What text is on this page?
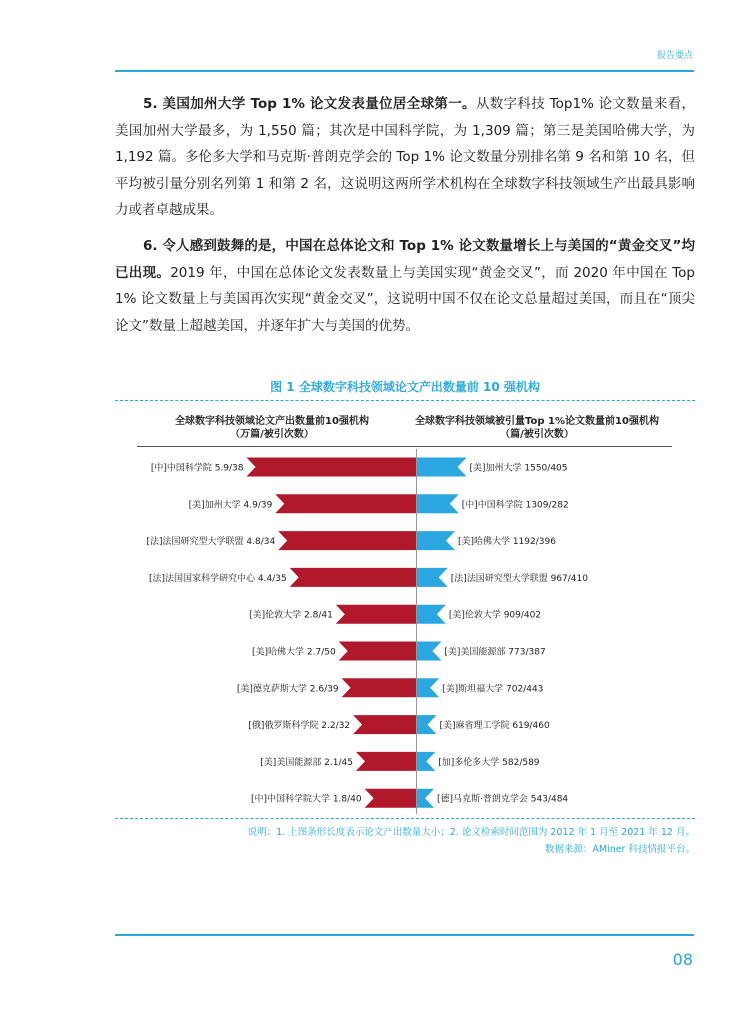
报告要点

5. 美国加州大学 Top 1% 论文发表量位居全球第一。从数字科技 Top1% 论文数量来看，美国加州大学最多，为 1,550 篇；其次是中国科学院，为 1,309 篇；第三是美国哈佛大学，为 1,192 篇。多伦多大学和马克斯·普朗克学会的 Top 1% 论文数量分别排名第 9 名和第 10 名，但平均被引量分别名列第 1 和第 2 名，这说明这两所学术机构在全球数字科技领域生产出最具影响力或者卓越成果。

6. 令人感到鼓舞的是，中国在总体论文和 Top 1% 论文数量增长上与美国的“黄金交叉”均已出现。2019 年，中国在总体论文发表数量上与美国实现“黄金交叉”，而 2020 年中国在 Top 1% 论文数量上与美国再次实现“黄金交叉”，这说明中国不仅在论文总量超过美国，而且在“顶尖论文”数量上超越美国，并逐年扩大与美国的优势。

图 1 全球数字科技领域论文产出数量前 10 强机构
全球数字科技领域论文产出数量前10强机构
（万篇/被引次数）
全球数字科技领域被引量Top 1%论文数量前10强机构
（篇/被引次数）
[中]中国科学院 5.9/38
[美]加州大学 4.9/39
[法]法国研究型大学联盟 4.8/34
[法]法国国家科学研究中心 4.4/35
[美]伦敦大学 2.8/41
[美]哈佛大学 2.7/50
[美]德克萨斯大学 2.6/39
[俄]俄罗斯科学院 2.2/32
[美]美国能源部 2.1/45
[中]中国科学院大学 1.8/40
[美]加州大学 1550/405
[中]中国科学院 1309/282
[美]哈佛大学 1192/396
[法]法国研究型大学联盟 967/410
[美]伦敦大学 909/402
[美]美国能源部 773/387
[美]斯坦福大学 702/443
[美]麻省理工学院 619/460
[加]多伦多大学 582/589
[德]马克斯·普朗克学会 543/484

说明：1. 上图条形长度表示论文产出数量大小；2. 论文检索时间范围为 2012 年 1 月至 2021 年 12 月。

数据来源：AMiner 科技情报平台。

08
